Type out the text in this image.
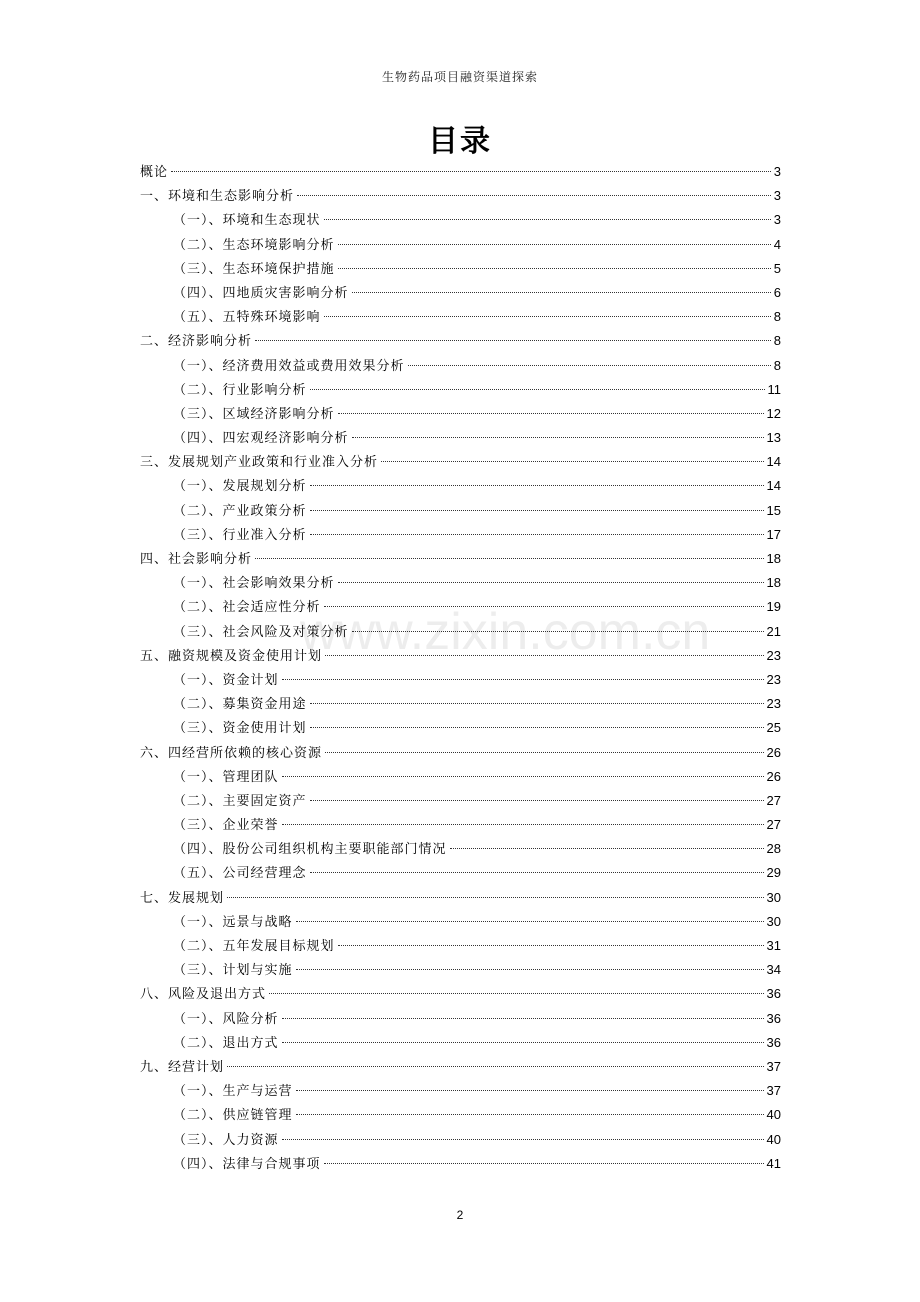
生物药品项目融资渠道探索
目录
www.zixin.com.cn
概论	3
一、环境和生态影响分析	3
（一）、环境和生态现状	3
（二）、生态环境影响分析	4
（三）、生态环境保护措施	5
（四）、四地质灾害影响分析	6
（五）、五特殊环境影响	8
二、经济影响分析	8
（一）、经济费用效益或费用效果分析	8
（二）、行业影响分析	11
（三）、区域经济影响分析	12
（四）、四宏观经济影响分析	13
三、发展规划产业政策和行业准入分析	14
（一）、发展规划分析	14
（二）、产业政策分析	15
（三）、行业准入分析	17
四、社会影响分析	18
（一）、社会影响效果分析	18
（二）、社会适应性分析	19
（三）、社会风险及对策分析	21
五、融资规模及资金使用计划	23
（一）、资金计划	23
（二）、募集资金用途	23
（三）、资金使用计划	25
六、四经营所依赖的核心资源	26
（一）、管理团队	26
（二）、主要固定资产	27
（三）、企业荣誉	27
（四）、股份公司组织机构主要职能部门情况	28
（五）、公司经营理念	29
七、发展规划	30
（一）、远景与战略	30
（二）、五年发展目标规划	31
（三）、计划与实施	34
八、风险及退出方式	36
（一）、风险分析	36
（二）、退出方式	36
九、经营计划	37
（一）、生产与运营	37
（二）、供应链管理	40
（三）、人力资源	40
（四）、法律与合规事项	41
2
